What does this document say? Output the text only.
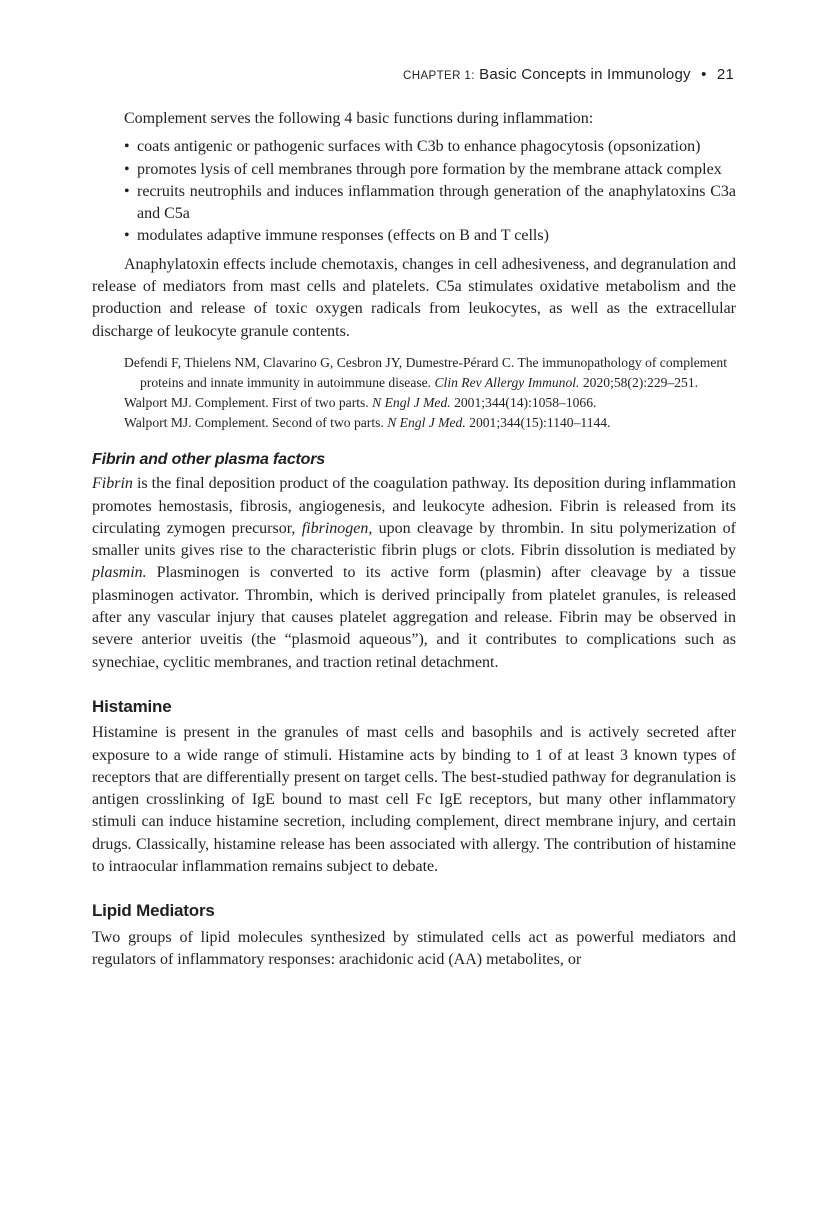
CHAPTER 1: Basic Concepts in Immunology • 21

Complement serves the following 4 basic functions during inflammation:

• coats antigenic or pathogenic surfaces with C3b to enhance phagocytosis (opsonization)
• promotes lysis of cell membranes through pore formation by the membrane attack complex
• recruits neutrophils and induces inflammation through generation of the anaphylatoxins C3a and C5a
• modulates adaptive immune responses (effects on B and T cells)

Anaphylatoxin effects include chemotaxis, changes in cell adhesiveness, and degranulation and release of mediators from mast cells and platelets. C5a stimulates oxidative metabolism and the production and release of toxic oxygen radicals from leukocytes, as well as the extracellular discharge of leukocyte granule contents.

Defendi F, Thielens NM, Clavarino G, Cesbron JY, Dumestre-Pérard C. The immunopathology of complement proteins and innate immunity in autoimmune disease. Clin Rev Allergy Immunol. 2020;58(2):229–251.
Walport MJ. Complement. First of two parts. N Engl J Med. 2001;344(14):1058–1066.
Walport MJ. Complement. Second of two parts. N Engl J Med. 2001;344(15):1140–1144.
Fibrin and other plasma factors

Fibrin is the final deposition product of the coagulation pathway. Its deposition during inflammation promotes hemostasis, fibrosis, angiogenesis, and leukocyte adhesion. Fibrin is released from its circulating zymogen precursor, fibrinogen, upon cleavage by thrombin. In situ polymerization of smaller units gives rise to the characteristic fibrin plugs or clots. Fibrin dissolution is mediated by plasmin. Plasminogen is converted to its active form (plasmin) after cleavage by a tissue plasminogen activator. Thrombin, which is derived principally from platelet granules, is released after any vascular injury that causes platelet aggregation and release. Fibrin may be observed in severe anterior uveitis (the “plasmoid aqueous”), and it contributes to complications such as synechiae, cyclitic membranes, and traction retinal detachment.

Histamine

Histamine is present in the granules of mast cells and basophils and is actively secreted after exposure to a wide range of stimuli. Histamine acts by binding to 1 of at least 3 known types of receptors that are differentially present on target cells. The best-studied pathway for degranulation is antigen crosslinking of IgE bound to mast cell Fc IgE receptors, but many other inflammatory stimuli can induce histamine secretion, including complement, direct membrane injury, and certain drugs. Classically, histamine release has been associated with allergy. The contribution of histamine to intraocular inflammation remains subject to debate.

Lipid Mediators

Two groups of lipid molecules synthesized by stimulated cells act as powerful mediators and regulators of inflammatory responses: arachidonic acid (AA) metabolites, or
